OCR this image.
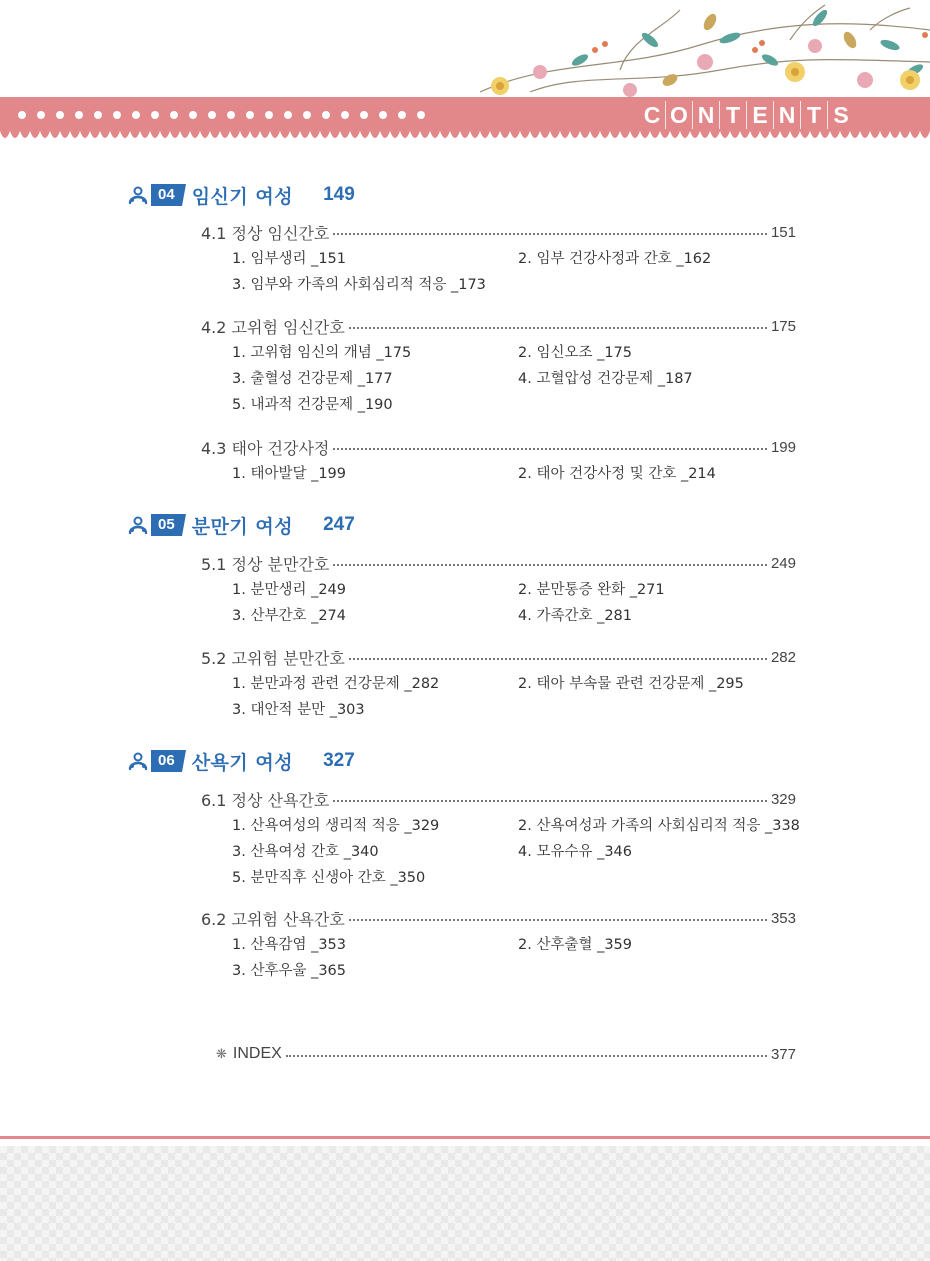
C O N T E N T S
04 임신기 여성 149
4.1 정상 임신간호	151
1. 임부생리 _151	2. 임부 건강사정과 간호 _162
3. 임부와 가족의 사회심리적 적응 _173
4.2 고위험 임신간호	175
1. 고위험 임신의 개념 _175	2. 임신오조 _175
3. 출혈성 건강문제 _177	4. 고혈압성 건강문제 _187
5. 내과적 건강문제 _190
4.3 태아 건강사정	199
1. 태아발달 _199	2. 태아 건강사정 및 간호 _214
05 분만기 여성 247
5.1 정상 분만간호	249
1. 분만생리 _249	2. 분만통증 완화 _271
3. 산부간호 _274	4. 가족간호 _281
5.2 고위험 분만간호	282
1. 분만과정 관련 건강문제 _282	2. 태아 부속물 관련 건강문제 _295
3. 대안적 분만 _303
06 산욕기 여성 327
6.1 정상 산욕간호	329
1. 산욕여성의 생리적 적응 _329	2. 산욕여성과 가족의 사회심리적 적응 _338
3. 산욕여성 간호 _340	4. 모유수유 _346
5. 분만직후 신생아 간호 _350
6.2 고위험 산욕간호	353
1. 산욕감염 _353	2. 산후출혈 _359
3. 산후우울 _365
❋ INDEX	377
